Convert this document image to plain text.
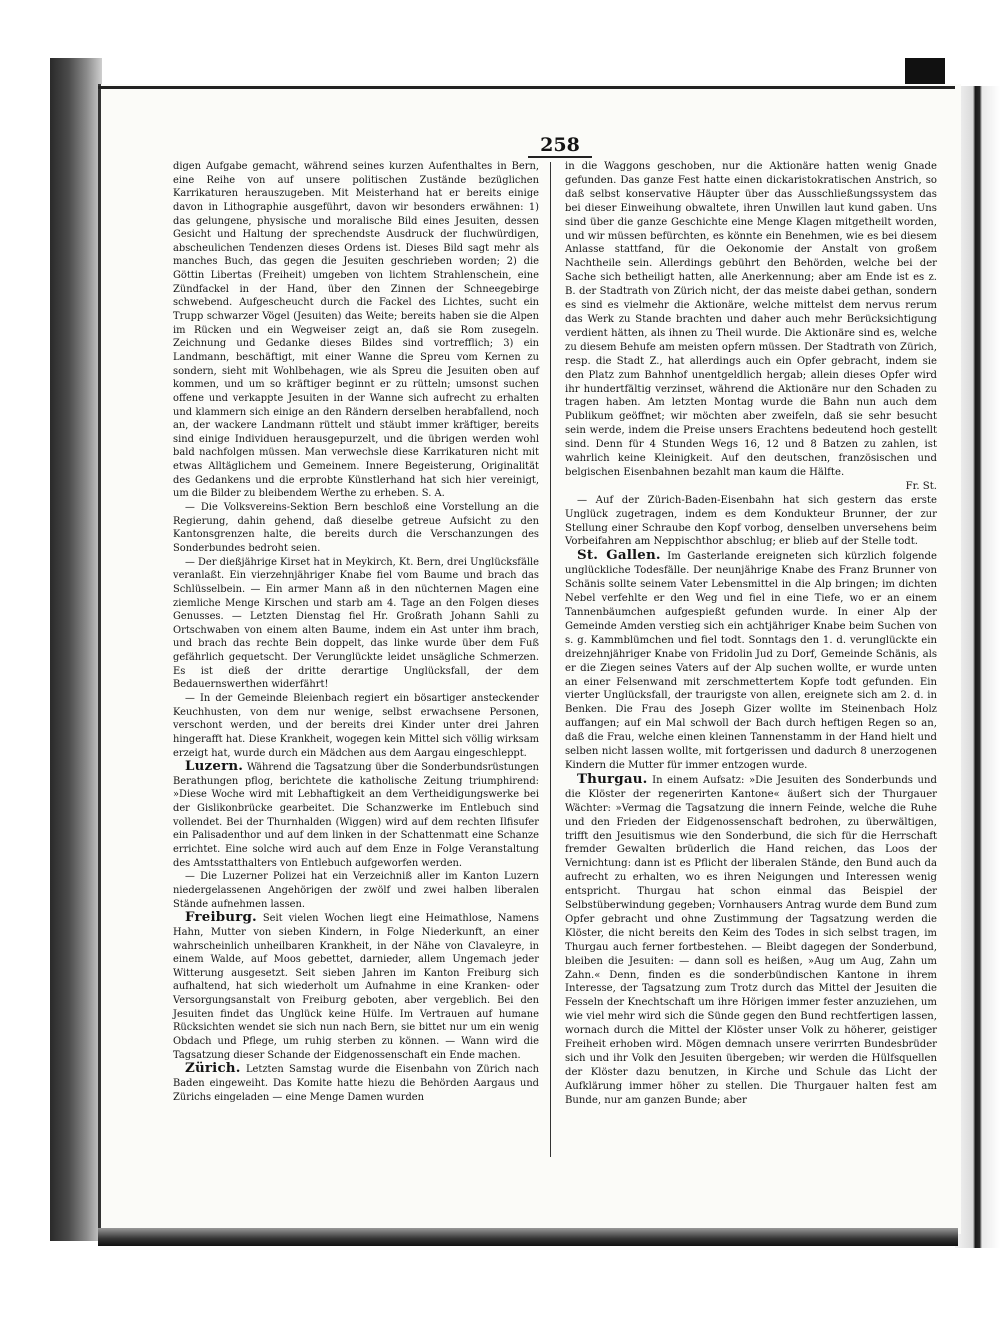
258

digen Aufgabe gemacht, während seines kurzen Aufenthaltes in Bern, eine Reihe von auf unsere politischen Zustände bezüglichen Karrikaturen herauszugeben. Mit Meisterhand hat er bereits einige davon in Lithographie ausgeführt, davon wir besonders erwähnen: 1) das gelungene, physische und moralische Bild eines Jesuiten, dessen Gesicht und Haltung der sprechendste Ausdruck der fluchwürdigen, abscheulichen Tendenzen dieses Ordens ist. Dieses Bild sagt mehr als manches Buch, das gegen die Jesuiten geschrieben worden; 2) die Göttin Libertas (Freiheit) umgeben von lichtem Strahlenschein, eine Zündfackel in der Hand, über den Zinnen der Schneegebirge schwebend. Aufgescheucht durch die Fackel des Lichtes, sucht ein Trupp schwarzer Vögel (Jesuiten) das Weite; bereits haben sie die Alpen im Rücken und ein Wegweiser zeigt an, daß sie Rom zusegeln. Zeichnung und Gedanke dieses Bildes sind vortrefflich; 3) ein Landmann, beschäftigt, mit einer Wanne die Spreu vom Kernen zu sondern, sieht mit Wohlbehagen, wie als Spreu die Jesuiten oben auf kommen, und um so kräftiger beginnt er zu rütteln; umsonst suchen offene und verkappte Jesuiten in der Wanne sich aufrecht zu erhalten und klammern sich einige an den Rändern derselben herabfallend, noch an, der wackere Landmann rüttelt und stäubt immer kräftiger, bereits sind einige Individuen herausgepurzelt, und die übrigen werden wohl bald nachfolgen müssen. Man verwechsle diese Karrikaturen nicht mit etwas Alltäglichem und Gemeinem. Innere Begeisterung, Originalität des Gedankens und die erprobte Künstlerhand hat sich hier vereinigt, um die Bilder zu bleibendem Werthe zu erheben. S. A.

— Die Volksvereins-Sektion Bern beschloß eine Vorstellung an die Regierung, dahin gehend, daß dieselbe getreue Aufsicht zu den Kantonsgrenzen halte, die bereits durch die Verschanzungen des Sonderbundes bedroht seien.

— Der dießjährige Kirset hat in Meykirch, Kt. Bern, drei Unglücksfälle veranlaßt. Ein vierzehnjähriger Knabe fiel vom Baume und brach das Schlüsselbein. — Ein armer Mann aß in den nüchternen Magen eine ziemliche Menge Kirschen und starb am 4. Tage an den Folgen dieses Genusses. — Letzten Dienstag fiel Hr. Großrath Johann Sahli zu Ortschwaben von einem alten Baume, indem ein Ast unter ihm brach, und brach das rechte Bein doppelt, das linke wurde über dem Fuß gefährlich gequetscht. Der Verunglückte leidet unsägliche Schmerzen. Es ist dieß der dritte derartige Unglücksfall, der dem Bedauernswerthen widerfährt!

— In der Gemeinde Bleienbach regiert ein bösartiger ansteckender Keuchhusten, von dem nur wenige, selbst erwachsene Personen, verschont werden, und der bereits drei Kinder unter drei Jahren hingerafft hat. Diese Krankheit, wogegen kein Mittel sich völlig wirksam erzeigt hat, wurde durch ein Mädchen aus dem Aargau eingeschleppt.

Luzern. Während die Tagsatzung über die Sonderbundsrüstungen Berathungen pflog, berichtete die katholische Zeitung triumphirend: »Diese Woche wird mit Lebhaftigkeit an dem Vertheidigungswerke bei der Gislikonbrücke gearbeitet. Die Schanzwerke im Entlebuch sind vollendet. Bei der Thurnhalden (Wiggen) wird auf dem rechten Ilfisufer ein Palisadenthor und auf dem linken in der Schattenmatt eine Schanze errichtet. Eine solche wird auch auf dem Enze in Folge Veranstaltung des Amtsstatthalters von Entlebuch aufgeworfen werden.

— Die Luzerner Polizei hat ein Verzeichniß aller im Kanton Luzern niedergelassenen Angehörigen der zwölf und zwei halben liberalen Stände aufnehmen lassen.

Freiburg. Seit vielen Wochen liegt eine Heimathlose, Namens Hahn, Mutter von sieben Kindern, in Folge Niederkunft, an einer wahrscheinlich unheilbaren Krankheit, in der Nähe von Clavaleyre, in einem Walde, auf Moos gebettet, darnieder, allem Ungemach jeder Witterung ausgesetzt. Seit sieben Jahren im Kanton Freiburg sich aufhaltend, hat sich wiederholt um Aufnahme in eine Kranken- oder Versorgungsanstalt von Freiburg geboten, aber vergeblich. Bei den Jesuiten findet das Unglück keine Hülfe. Im Vertrauen auf humane Rücksichten wendet sie sich nun nach Bern, sie bittet nur um ein wenig Obdach und Pflege, um ruhig sterben zu können. — Wann wird die Tagsatzung dieser Schande der Eidgenossenschaft ein Ende machen.

Zürich. Letzten Samstag wurde die Eisenbahn von Zürich nach Baden eingeweiht. Das Komite hatte hiezu die Behörden Aargaus und Zürichs eingeladen — eine Menge Damen wurden

in die Waggons geschoben, nur die Aktionäre hatten wenig Gnade gefunden. Das ganze Fest hatte einen dickaristokratischen Anstrich, so daß selbst konservative Häupter über das Ausschließungssystem das bei dieser Einweihung obwaltete, ihren Unwillen laut kund gaben. Uns sind über die ganze Geschichte eine Menge Klagen mitgetheilt worden, und wir müssen befürchten, es könnte ein Benehmen, wie es bei diesem Anlasse stattfand, für die Oekonomie der Anstalt von großem Nachtheile sein. Allerdings gebührt den Behörden, welche bei der Sache sich betheiligt hatten, alle Anerkennung; aber am Ende ist es z. B. der Stadtrath von Zürich nicht, der das meiste dabei gethan, sondern es sind es vielmehr die Aktionäre, welche mittelst dem nervus rerum das Werk zu Stande brachten und daher auch mehr Berücksichtigung verdient hätten, als ihnen zu Theil wurde. Die Aktionäre sind es, welche zu diesem Behufe am meisten opfern müssen. Der Stadtrath von Zürich, resp. die Stadt Z., hat allerdings auch ein Opfer gebracht, indem sie den Platz zum Bahnhof unentgeldlich hergab; allein dieses Opfer wird ihr hundertfältig verzinset, während die Aktionäre nur den Schaden zu tragen haben. Am letzten Montag wurde die Bahn nun auch dem Publikum geöffnet; wir möchten aber zweifeln, daß sie sehr besucht sein werde, indem die Preise unsers Erachtens bedeutend hoch gestellt sind. Denn für 4 Stunden Wegs 16, 12 und 8 Batzen zu zahlen, ist wahrlich keine Kleinigkeit. Auf den deutschen, französischen und belgischen Eisenbahnen bezahlt man kaum die Hälfte.
Fr. St.

— Auf der Zürich-Baden-Eisenbahn hat sich gestern das erste Unglück zugetragen, indem es dem Kondukteur Brunner, der zur Stellung einer Schraube den Kopf vorbog, denselben unversehens beim Vorbeifahren am Neppischthor abschlug; er blieb auf der Stelle todt.

St. Gallen. Im Gasterlande ereigneten sich kürzlich folgende unglückliche Todesfälle. Der neunjährige Knabe des Franz Brunner von Schänis sollte seinem Vater Lebensmittel in die Alp bringen; im dichten Nebel verfehlte er den Weg und fiel in eine Tiefe, wo er an einem Tannenbäumchen aufgespießt gefunden wurde. In einer Alp der Gemeinde Amden verstieg sich ein achtjähriger Knabe beim Suchen von s. g. Kammblümchen und fiel todt. Sonntags den 1. d. verunglückte ein dreizehnjähriger Knabe von Fridolin Jud zu Dorf, Gemeinde Schänis, als er die Ziegen seines Vaters auf der Alp suchen wollte, er wurde unten an einer Felsenwand mit zerschmettertem Kopfe todt gefunden. Ein vierter Unglücksfall, der traurigste von allen, ereignete sich am 2. d. in Benken. Die Frau des Joseph Gizer wollte im Steinenbach Holz auffangen; auf ein Mal schwoll der Bach durch heftigen Regen so an, daß die Frau, welche einen kleinen Tannenstamm in der Hand hielt und selben nicht lassen wollte, mit fortgerissen und dadurch 8 unerzogenen Kindern die Mutter für immer entzogen wurde.

Thurgau. In einem Aufsatz: »Die Jesuiten des Sonderbunds und die Klöster der regenerirten Kantone« äußert sich der Thurgauer Wächter: »Vermag die Tagsatzung die innern Feinde, welche die Ruhe und den Frieden der Eidgenossenschaft bedrohen, zu überwältigen, trifft den Jesuitismus wie den Sonderbund, die sich für die Herrschaft fremder Gewalten brüderlich die Hand reichen, das Loos der Vernichtung: dann ist es Pflicht der liberalen Stände, den Bund auch da aufrecht zu erhalten, wo es ihren Neigungen und Interessen wenig entspricht. Thurgau hat schon einmal das Beispiel der Selbstüberwindung gegeben; Vornhausers Antrag wurde dem Bund zum Opfer gebracht und ohne Zustimmung der Tagsatzung werden die Klöster, die nicht bereits den Keim des Todes in sich selbst tragen, im Thurgau auch ferner fortbestehen. — Bleibt dagegen der Sonderbund, bleiben die Jesuiten: — dann soll es heißen, »Aug um Aug, Zahn um Zahn.« Denn, finden es die sonderbündischen Kantone in ihrem Interesse, der Tagsatzung zum Trotz durch das Mittel der Jesuiten die Fesseln der Knechtschaft um ihre Hörigen immer fester anzuziehen, um wie viel mehr wird sich die Sünde gegen den Bund rechtfertigen lassen, wornach durch die Mittel der Klöster unser Volk zu höherer, geistiger Freiheit erhoben wird. Mögen demnach unsere verirrten Bundesbrüder sich und ihr Volk den Jesuiten übergeben; wir werden die Hülfsquellen der Klöster dazu benutzen, in Kirche und Schule das Licht der Aufklärung immer höher zu stellen. Die Thurgauer halten fest am Bunde, nur am ganzen Bunde; aber
